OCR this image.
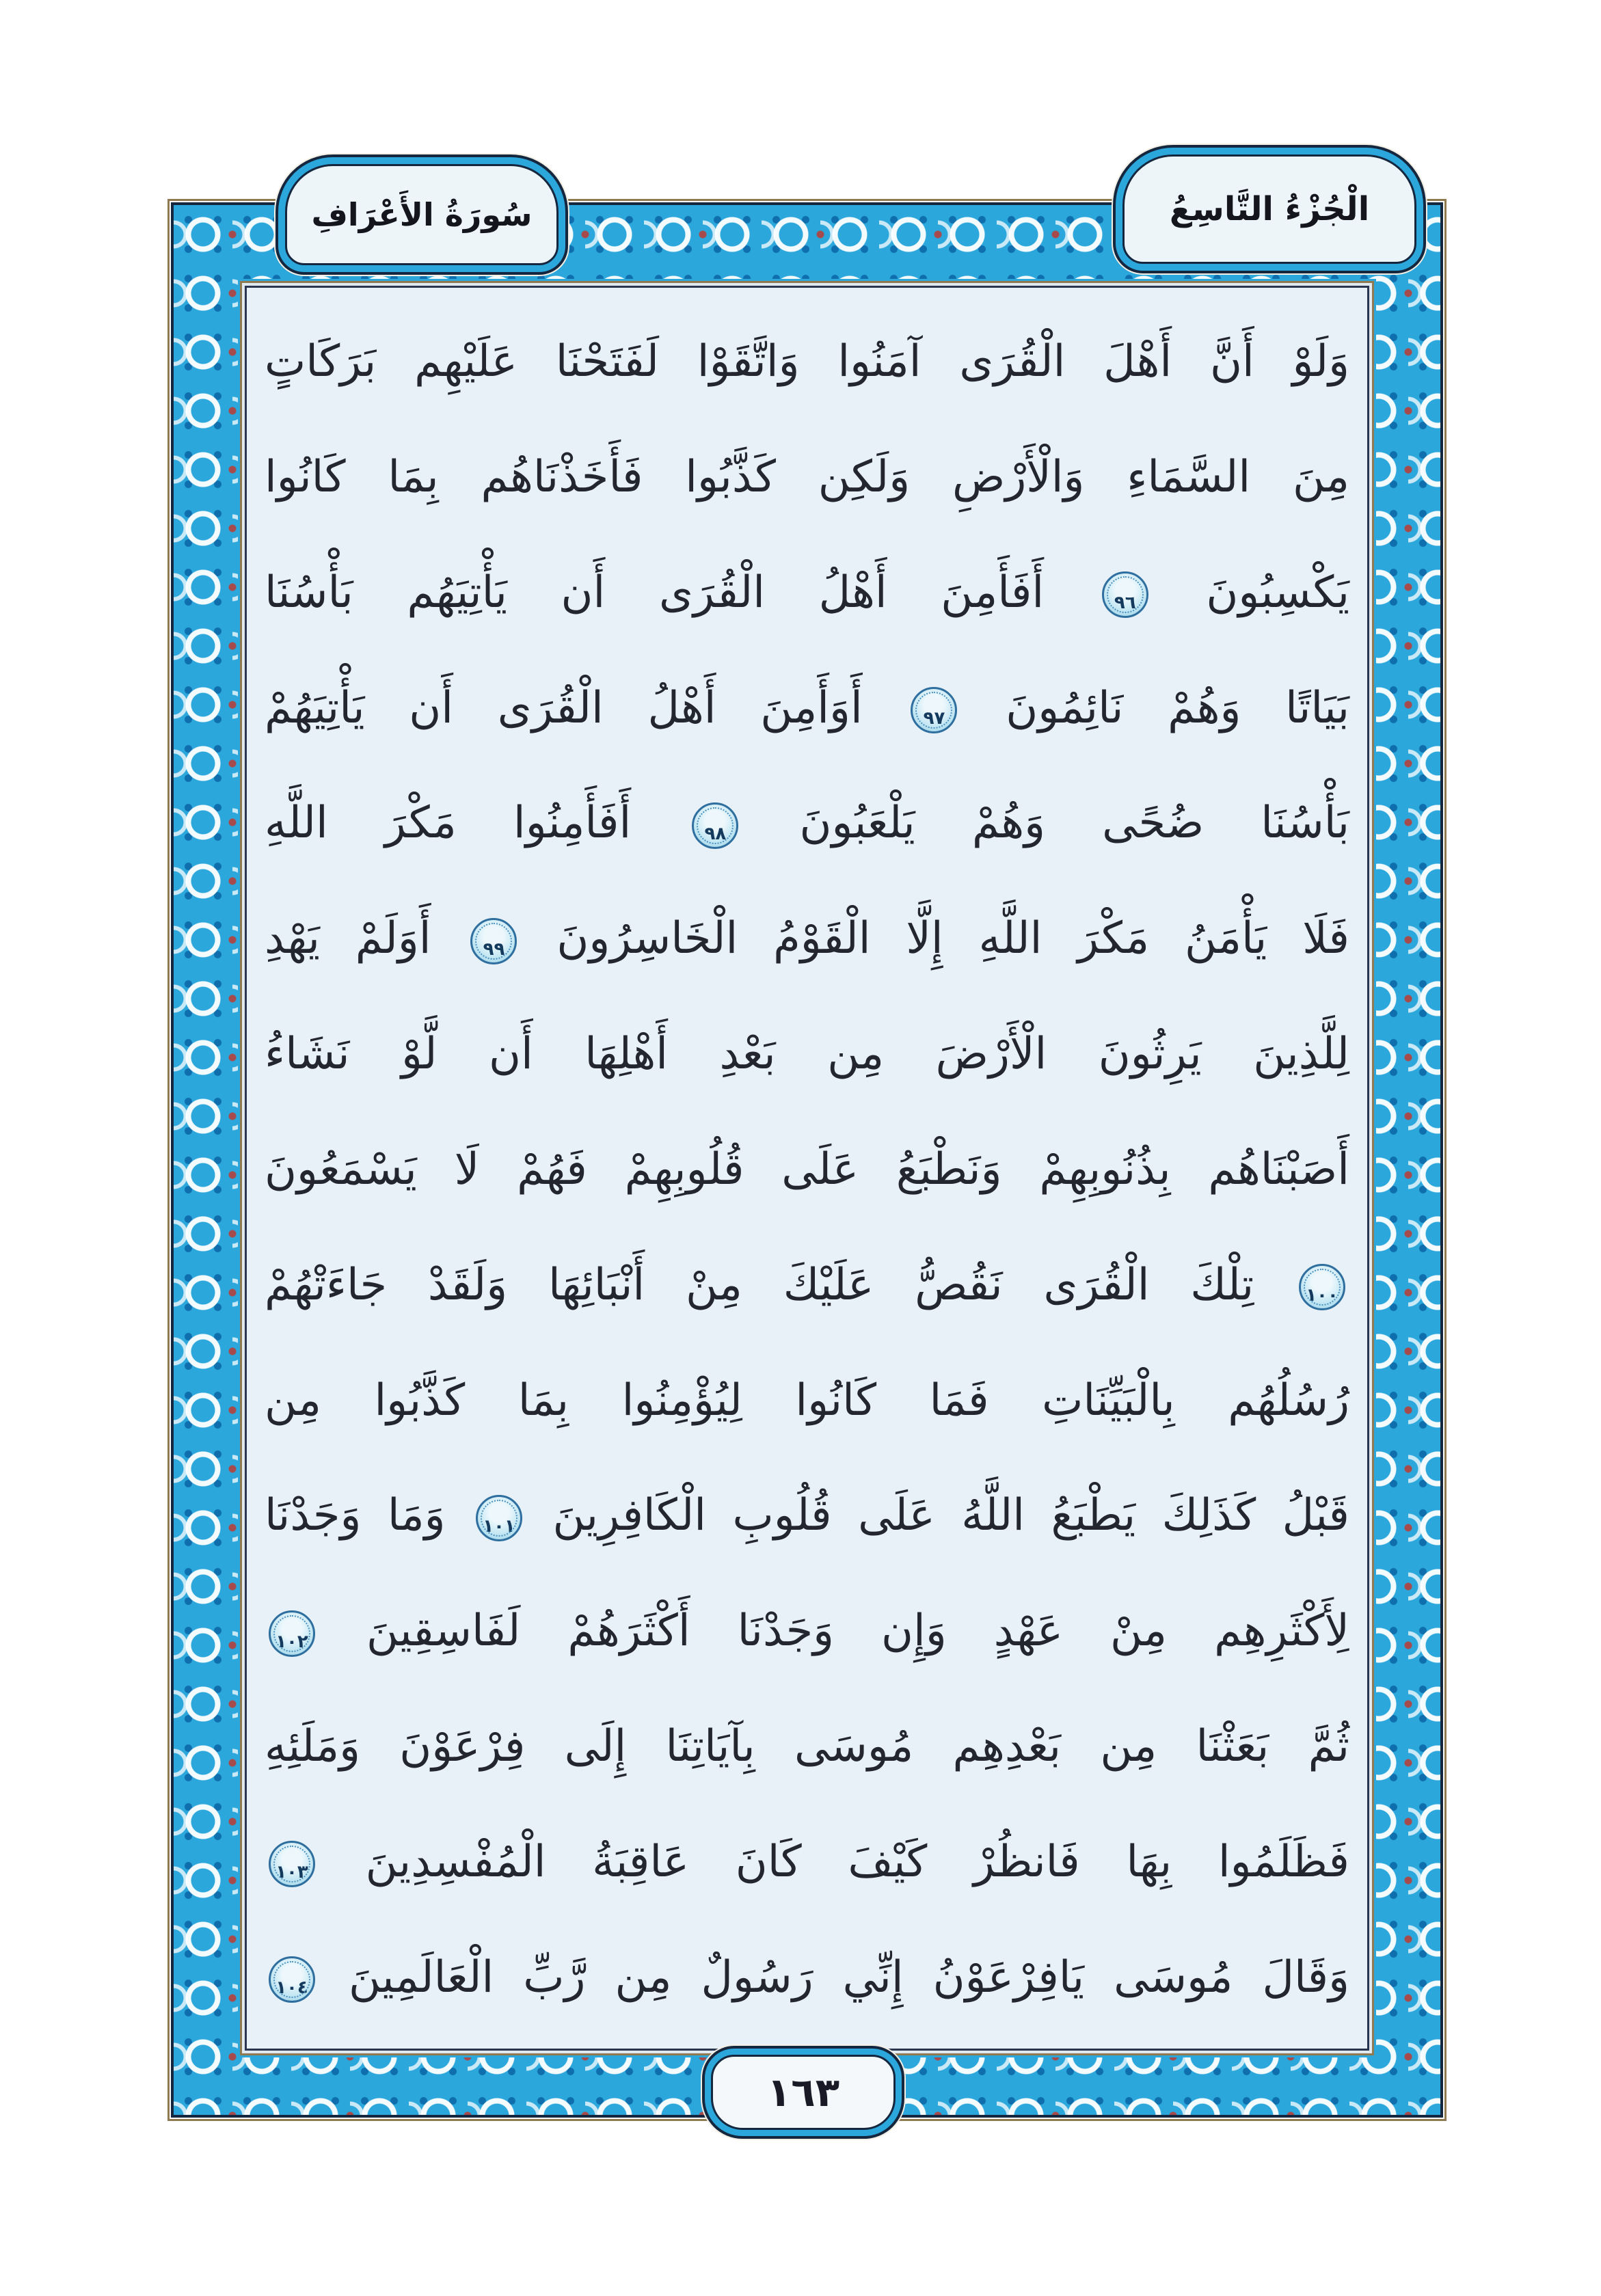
سُورَةُ الأَعْرَافِ	الْجُزْءُ التَّاسِعُ
وَلَوْ أَنَّ أَهْلَ الْقُرَى آمَنُوا وَاتَّقَوْا لَفَتَحْنَا عَلَيْهِم بَرَكَاتٍ
مِنَ السَّمَاءِ وَالْأَرْضِ وَلَكِن كَذَّبُوا فَأَخَذْنَاهُم بِمَا كَانُوا
يَكْسِبُونَ ٩٦ أَفَأَمِنَ أَهْلُ الْقُرَى أَن يَأْتِيَهُم بَأْسُنَا
بَيَاتًا وَهُمْ نَائِمُونَ ٩٧ أَوَأَمِنَ أَهْلُ الْقُرَى أَن يَأْتِيَهُمْ
بَأْسُنَا ضُحًى وَهُمْ يَلْعَبُونَ ٩٨ أَفَأَمِنُوا مَكْرَ اللَّهِ
فَلَا يَأْمَنُ مَكْرَ اللَّهِ إِلَّا الْقَوْمُ الْخَاسِرُونَ ٩٩ أَوَلَمْ يَهْدِ
لِلَّذِينَ يَرِثُونَ الْأَرْضَ مِن بَعْدِ أَهْلِهَا أَن لَّوْ نَشَاءُ
أَصَبْنَاهُم بِذُنُوبِهِمْ وَنَطْبَعُ عَلَى قُلُوبِهِمْ فَهُمْ لَا يَسْمَعُونَ
١٠٠ تِلْكَ الْقُرَى نَقُصُّ عَلَيْكَ مِنْ أَنْبَائِهَا وَلَقَدْ جَاءَتْهُمْ
رُسُلُهُم بِالْبَيِّنَاتِ فَمَا كَانُوا لِيُؤْمِنُوا بِمَا كَذَّبُوا مِن
قَبْلُ كَذَلِكَ يَطْبَعُ اللَّهُ عَلَى قُلُوبِ الْكَافِرِينَ ١٠١ وَمَا وَجَدْنَا
لِأَكْثَرِهِم مِنْ عَهْدٍ وَإِن وَجَدْنَا أَكْثَرَهُمْ لَفَاسِقِينَ ١٠٢
ثُمَّ بَعَثْنَا مِن بَعْدِهِم مُوسَى بِآيَاتِنَا إِلَى فِرْعَوْنَ وَمَلَئِهِ
فَظَلَمُوا بِهَا فَانظُرْ كَيْفَ كَانَ عَاقِبَةُ الْمُفْسِدِينَ ١٠٣
وَقَالَ مُوسَى يَافِرْعَوْنُ إِنِّي رَسُولٌ مِن رَّبِّ الْعَالَمِينَ ١٠٤
١٦٣
